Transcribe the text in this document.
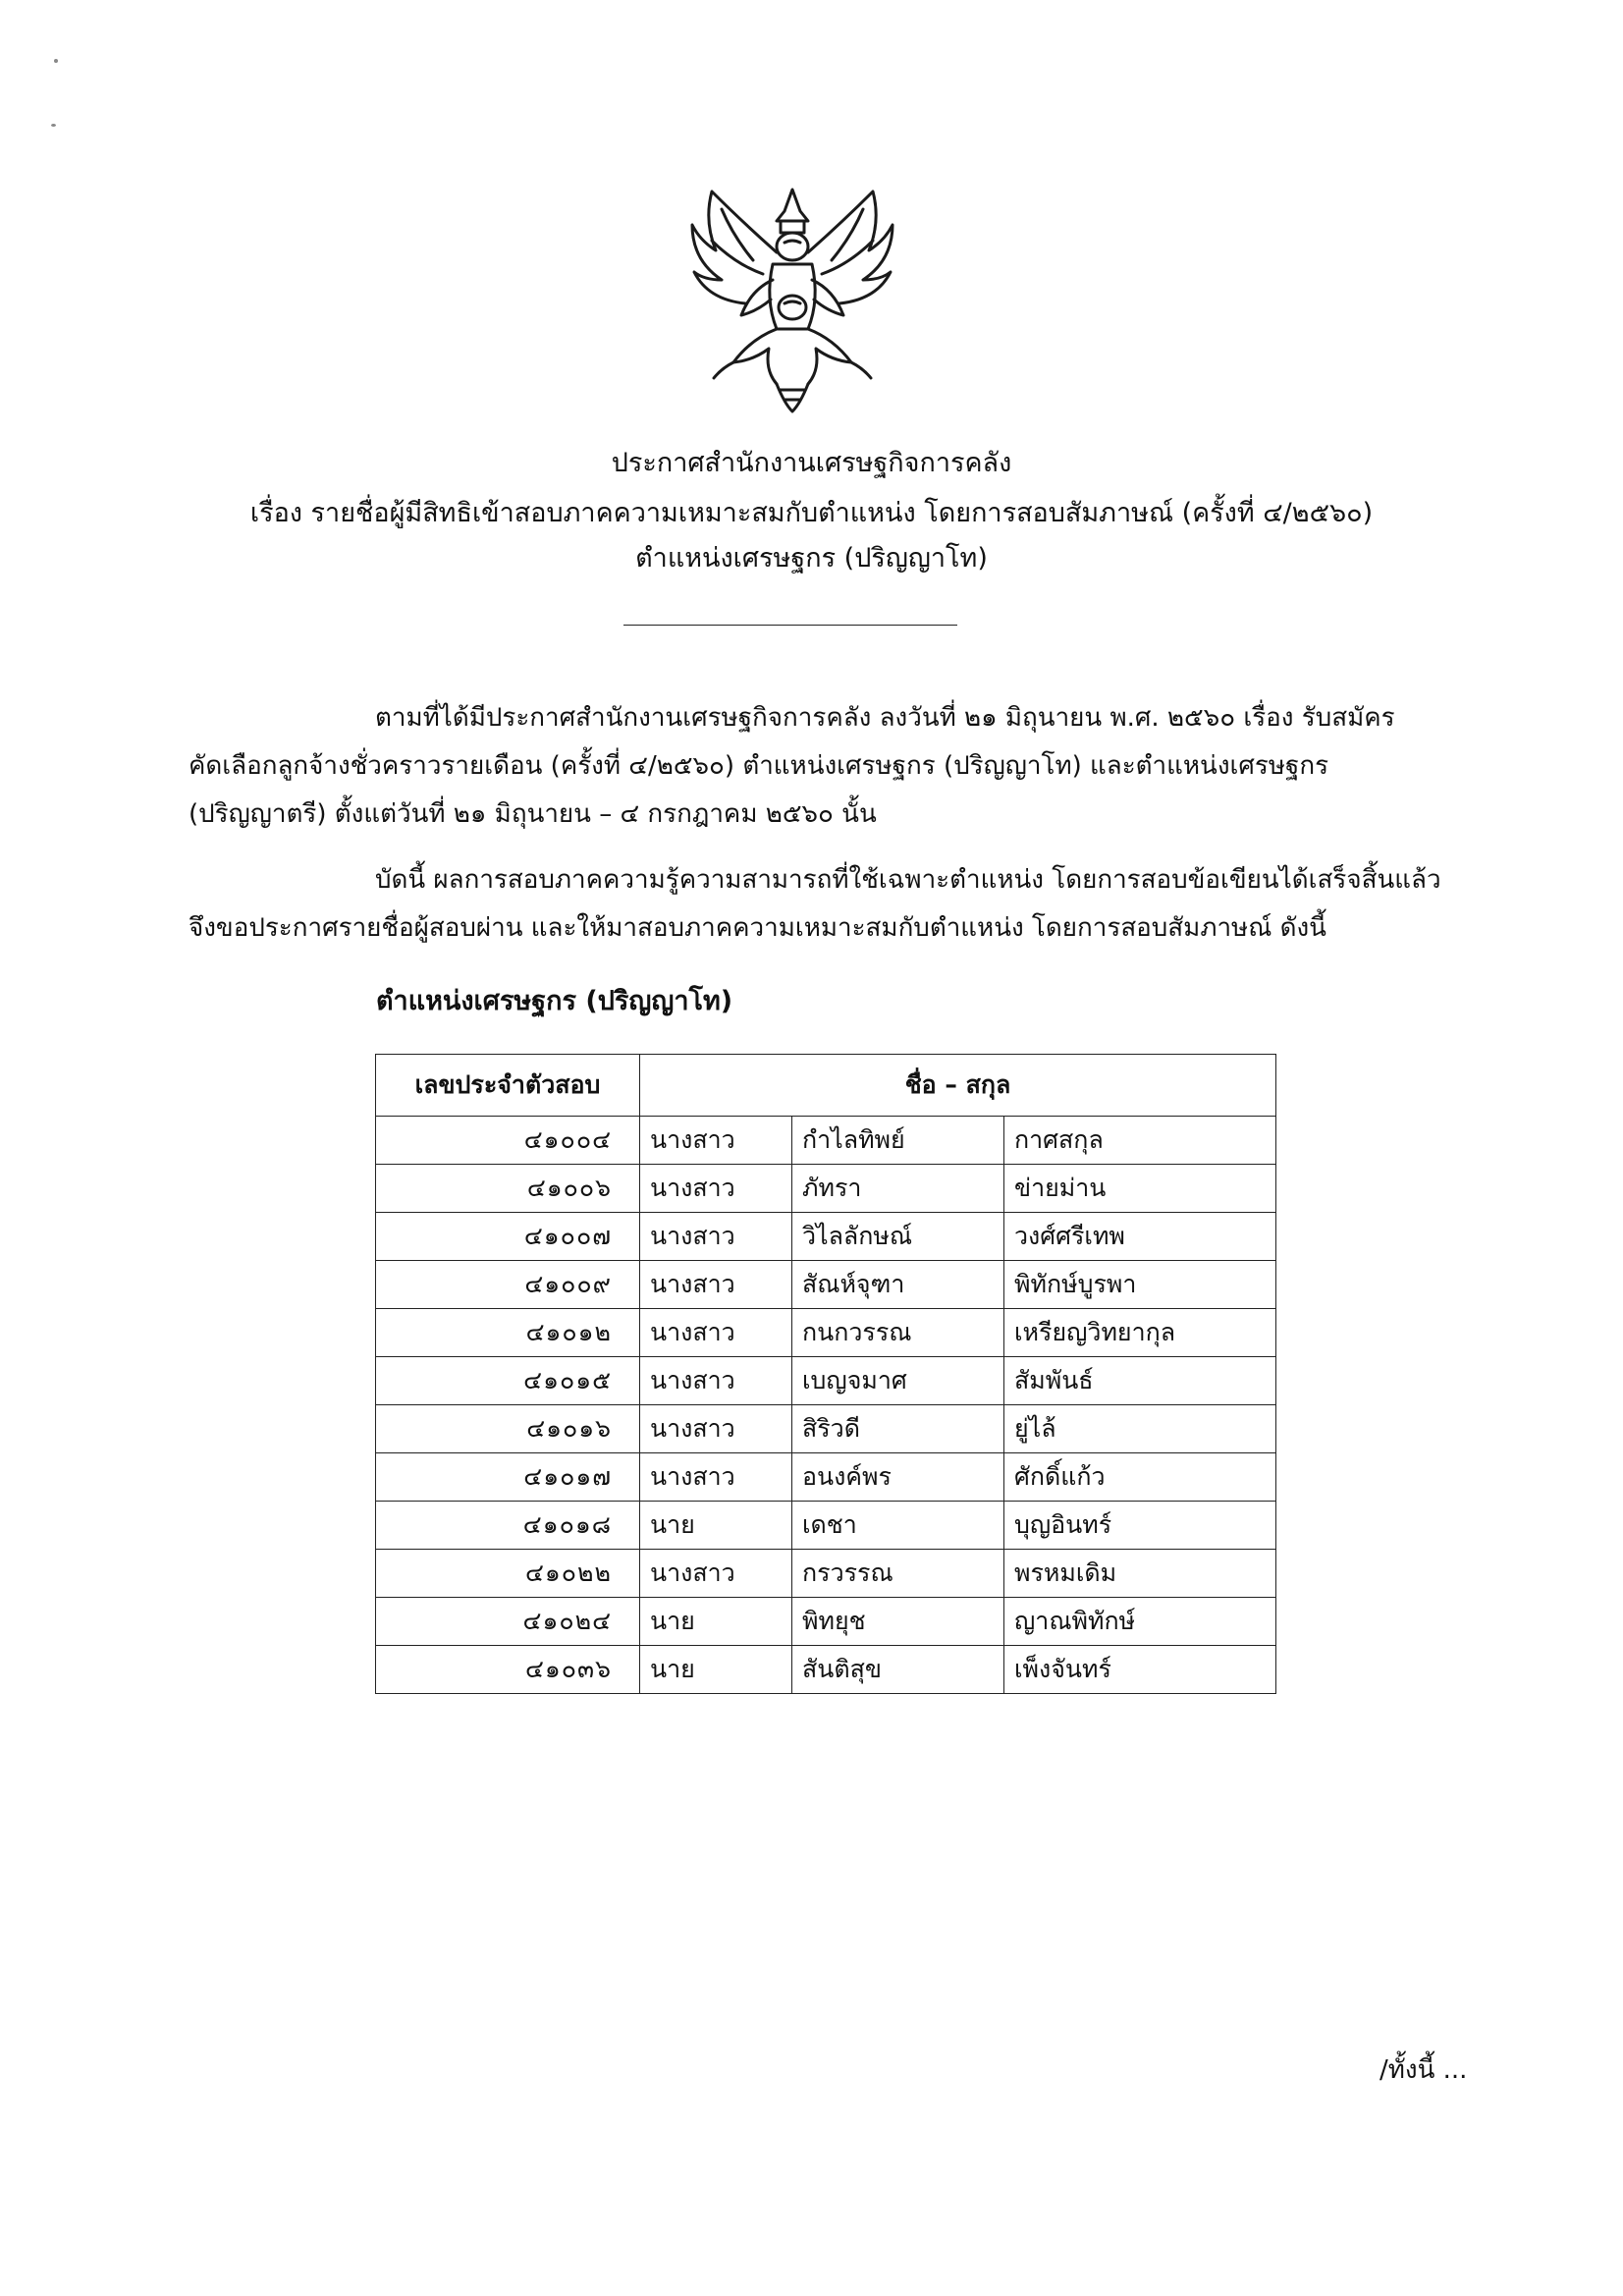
ประกาศสำนักงานเศรษฐกิจการคลัง
เรื่อง รายชื่อผู้มีสิทธิเข้าสอบภาคความเหมาะสมกับตำแหน่ง โดยการสอบสัมภาษณ์ (ครั้งที่ ๔/๒๕๖๐)
ตำแหน่งเศรษฐกร (ปริญญาโท)
ตามที่ได้มีประกาศสำนักงานเศรษฐกิจการคลัง ลงวันที่ ๒๑ มิถุนายน พ.ศ. ๒๕๖๐ เรื่อง รับสมัคร
คัดเลือกลูกจ้างชั่วคราวรายเดือน (ครั้งที่ ๔/๒๕๖๐) ตำแหน่งเศรษฐกร (ปริญญาโท) และตำแหน่งเศรษฐกร
(ปริญญาตรี) ตั้งแต่วันที่ ๒๑ มิถุนายน – ๔ กรกฎาคม ๒๕๖๐ นั้น
บัดนี้ ผลการสอบภาคความรู้ความสามารถที่ใช้เฉพาะตำแหน่ง โดยการสอบข้อเขียนได้เสร็จสิ้นแล้ว
จึงขอประกาศรายชื่อผู้สอบผ่าน และให้มาสอบภาคความเหมาะสมกับตำแหน่ง โดยการสอบสัมภาษณ์ ดังนี้
ตำแหน่งเศรษฐกร (ปริญญาโท)
เลขประจำตัวสอบ	ชื่อ – สกุล		
๔๑๐๐๔	นางสาว	กำไลทิพย์	กาศสกุล
๔๑๐๐๖	นางสาว	ภัทรา	ข่ายม่าน
๔๑๐๐๗	นางสาว	วิไลลักษณ์	วงศ์ศรีเทพ
๔๑๐๐๙	นางสาว	สัณห์จุฑา	พิทักษ์บูรพา
๔๑๐๑๒	นางสาว	กนกวรรณ	เหรียญวิทยากุล
๔๑๐๑๕	นางสาว	เบญจมาศ	สัมพันธ์
๔๑๐๑๖	นางสาว	สิริวดี	ยู่ไล้
๔๑๐๑๗	นางสาว	อนงค์พร	ศักดิ์แก้ว
๔๑๐๑๘	นาย	เดชา	บุญอินทร์
๔๑๐๒๒	นางสาว	กรวรรณ	พรหมเดิม
๔๑๐๒๔	นาย	พิทยุช	ญาณพิทักษ์
๔๑๐๓๖	นาย	สันติสุข	เพ็งจันทร์
/ทั้งนี้ ...
